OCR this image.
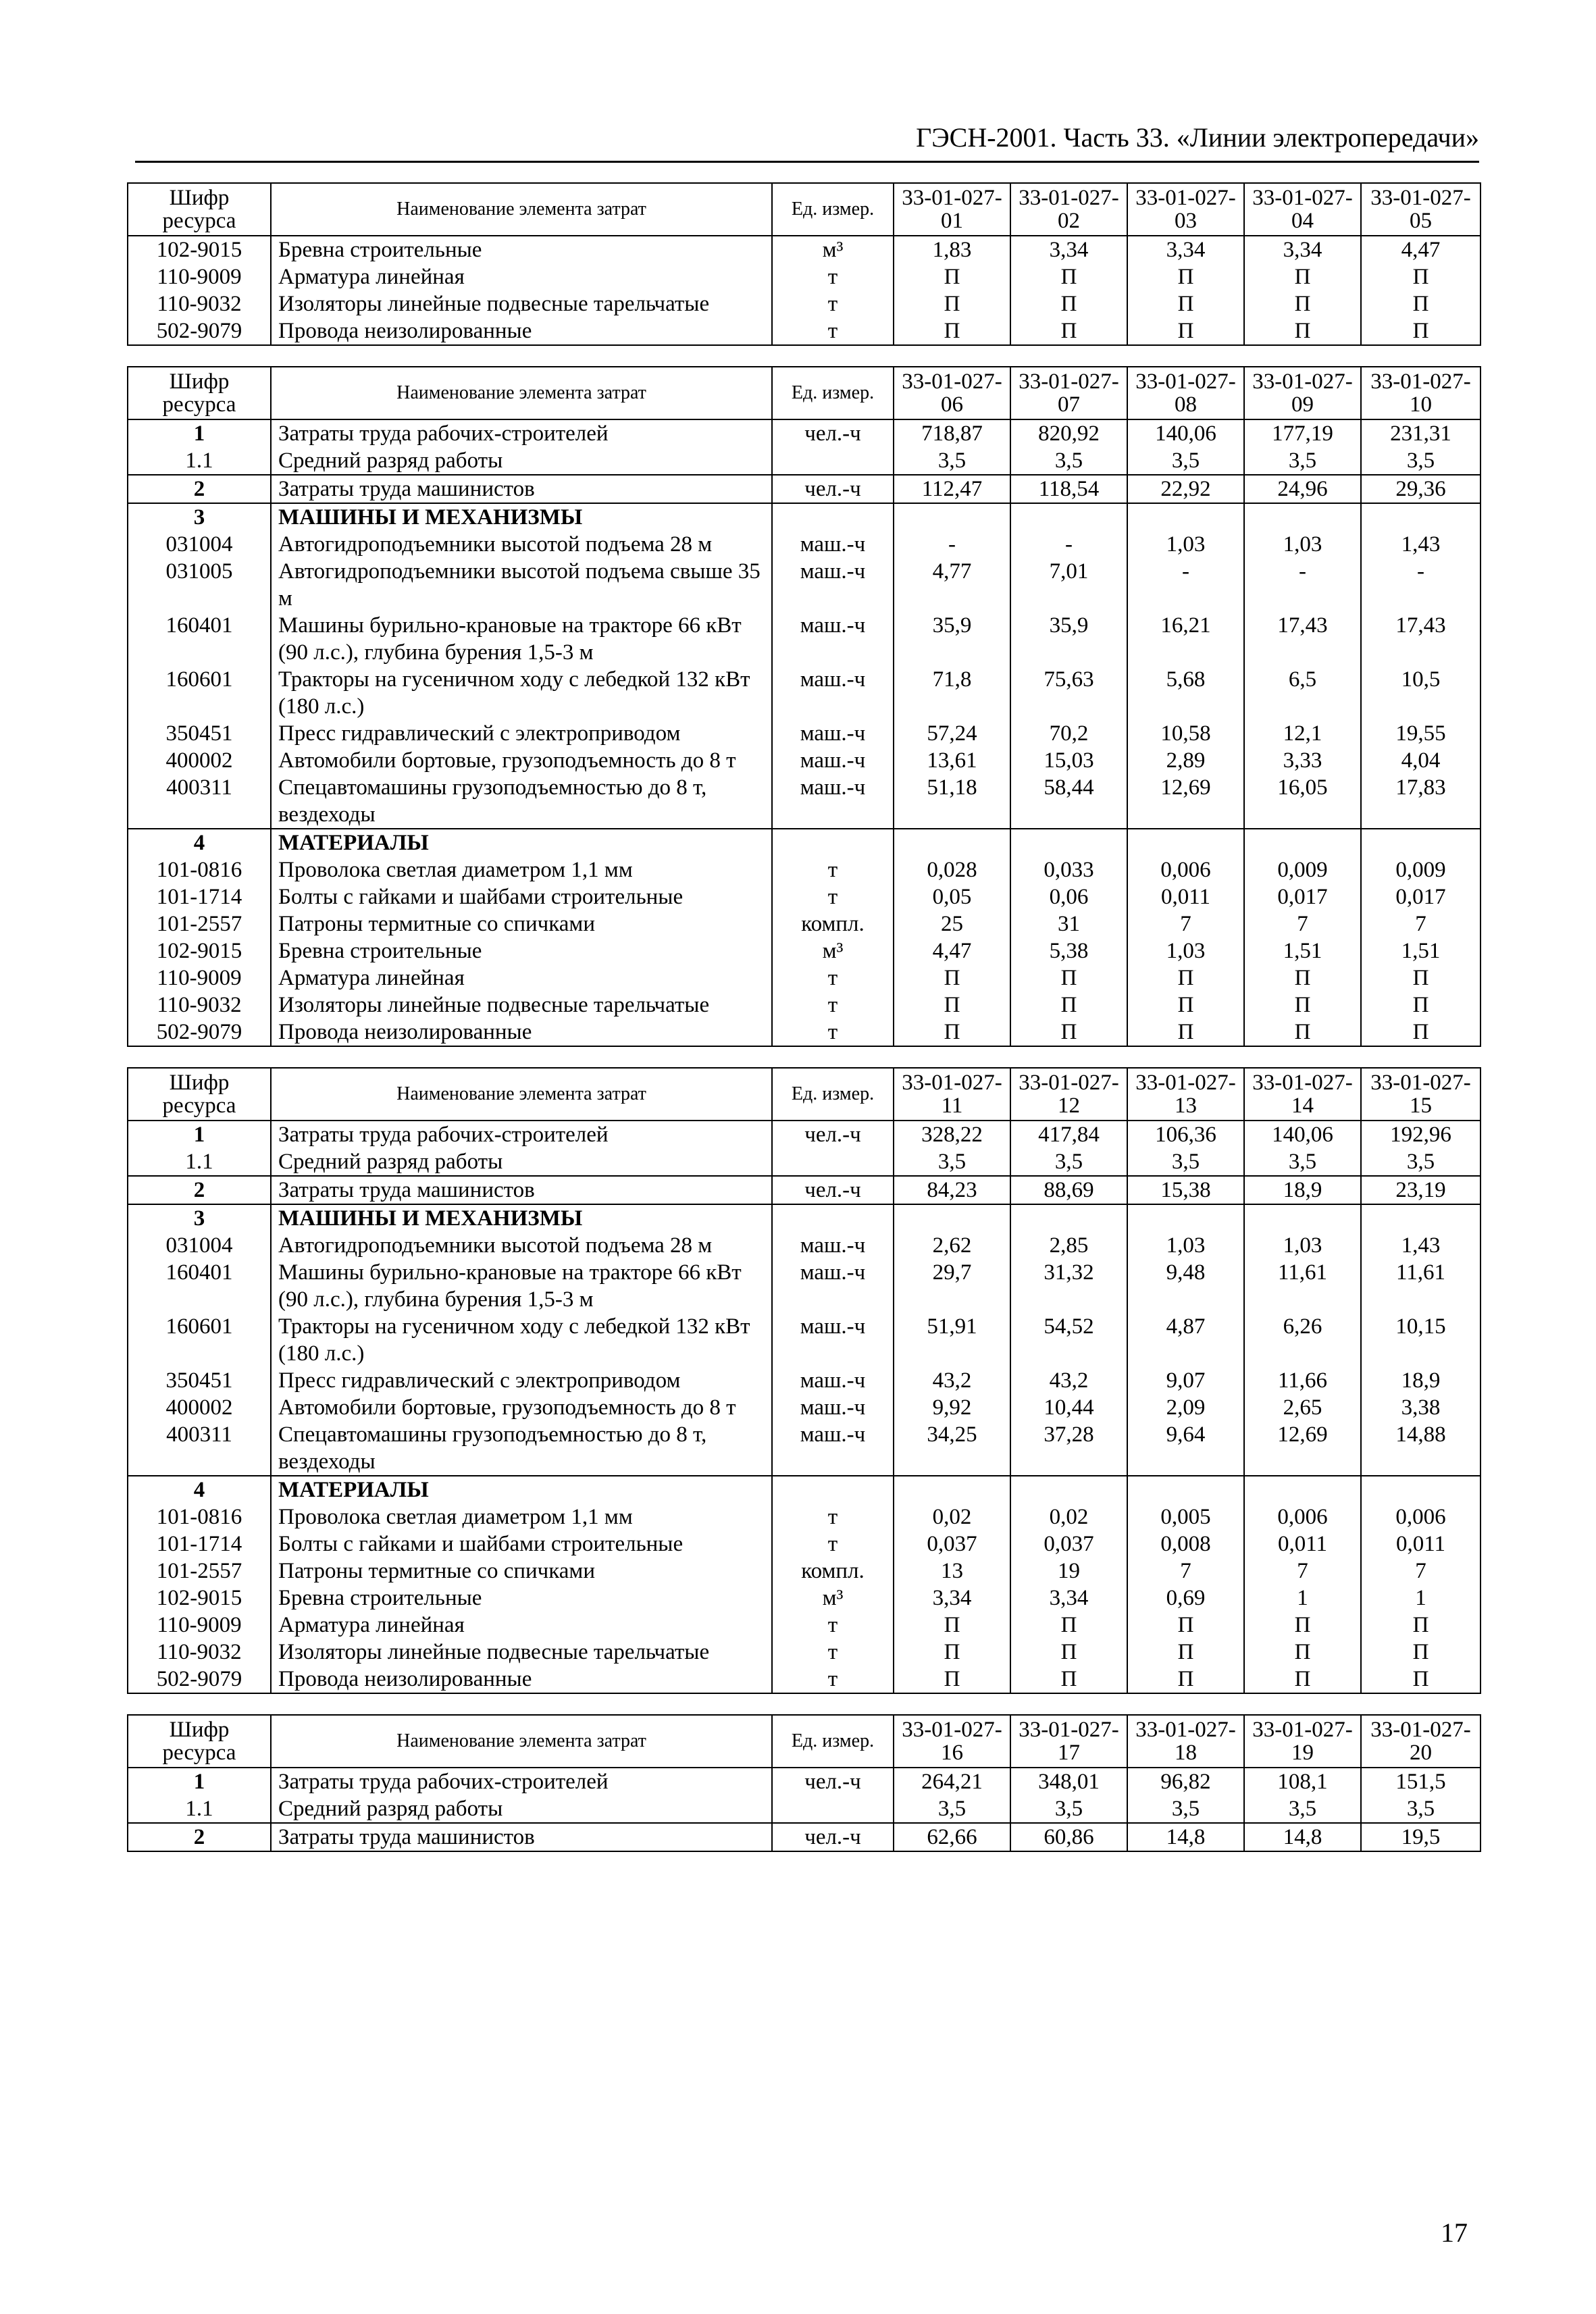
ГЭСН-2001. Часть 33. «Линии электропередачи»
Шифр ресурса	Наименование элемента затрат	Ед. измер.	33-01-027-01	33-01-027-02	33-01-027-03	33-01-027-04	33-01-027-05
102-9015	Бревна строительные	м³	1,83	3,34	3,34	3,34	4,47
110-9009	Арматура линейная	т	П	П	П	П	П
110-9032	Изоляторы линейные подвесные тарельчатые	т	П	П	П	П	П
502-9079	Провода неизолированные	т	П	П	П	П	П
Шифр ресурса	Наименование элемента затрат	Ед. измер.	33-01-027-06	33-01-027-07	33-01-027-08	33-01-027-09	33-01-027-10
1	Затраты труда рабочих-строителей	чел.-ч	718,87	820,92	140,06	177,19	231,31
1.1	Средний разряд работы		3,5	3,5	3,5	3,5	3,5
2	Затраты труда машинистов	чел.-ч	112,47	118,54	22,92	24,96	29,36
3	МАШИНЫ И МЕХАНИЗМЫ						
031004	Автогидроподъемники высотой подъема 28 м	маш.-ч	-	-	1,03	1,03	1,43
031005	Автогидроподъемники высотой подъема свыше 35 м	маш.-ч	4,77	7,01	-	-	-
160401	Машины бурильно-крановые на тракторе 66 кВт (90 л.с.), глубина бурения 1,5-3 м	маш.-ч	35,9	35,9	16,21	17,43	17,43
160601	Тракторы на гусеничном ходу с лебедкой 132 кВт (180 л.с.)	маш.-ч	71,8	75,63	5,68	6,5	10,5
350451	Пресс гидравлический с электроприводом	маш.-ч	57,24	70,2	10,58	12,1	19,55
400002	Автомобили бортовые, грузоподъемность до 8 т	маш.-ч	13,61	15,03	2,89	3,33	4,04
400311	Спецавтомашины грузоподъемностью до 8 т, вездеходы	маш.-ч	51,18	58,44	12,69	16,05	17,83
4	МАТЕРИАЛЫ						
101-0816	Проволока светлая диаметром 1,1 мм	т	0,028	0,033	0,006	0,009	0,009
101-1714	Болты с гайками и шайбами строительные	т	0,05	0,06	0,011	0,017	0,017
101-2557	Патроны термитные со спичками	компл.	25	31	7	7	7
102-9015	Бревна строительные	м³	4,47	5,38	1,03	1,51	1,51
110-9009	Арматура линейная	т	П	П	П	П	П
110-9032	Изоляторы линейные подвесные тарельчатые	т	П	П	П	П	П
502-9079	Провода неизолированные	т	П	П	П	П	П
Шифр ресурса	Наименование элемента затрат	Ед. измер.	33-01-027-11	33-01-027-12	33-01-027-13	33-01-027-14	33-01-027-15
1	Затраты труда рабочих-строителей	чел.-ч	328,22	417,84	106,36	140,06	192,96
1.1	Средний разряд работы		3,5	3,5	3,5	3,5	3,5
2	Затраты труда машинистов	чел.-ч	84,23	88,69	15,38	18,9	23,19
3	МАШИНЫ И МЕХАНИЗМЫ						
031004	Автогидроподъемники высотой подъема 28 м	маш.-ч	2,62	2,85	1,03	1,03	1,43
160401	Машины бурильно-крановые на тракторе 66 кВт (90 л.с.), глубина бурения 1,5-3 м	маш.-ч	29,7	31,32	9,48	11,61	11,61
160601	Тракторы на гусеничном ходу с лебедкой 132 кВт (180 л.с.)	маш.-ч	51,91	54,52	4,87	6,26	10,15
350451	Пресс гидравлический с электроприводом	маш.-ч	43,2	43,2	9,07	11,66	18,9
400002	Автомобили бортовые, грузоподъемность до 8 т	маш.-ч	9,92	10,44	2,09	2,65	3,38
400311	Спецавтомашины грузоподъемностью до 8 т, вездеходы	маш.-ч	34,25	37,28	9,64	12,69	14,88
4	МАТЕРИАЛЫ						
101-0816	Проволока светлая диаметром 1,1 мм	т	0,02	0,02	0,005	0,006	0,006
101-1714	Болты с гайками и шайбами строительные	т	0,037	0,037	0,008	0,011	0,011
101-2557	Патроны термитные со спичками	компл.	13	19	7	7	7
102-9015	Бревна строительные	м³	3,34	3,34	0,69	1	1
110-9009	Арматура линейная	т	П	П	П	П	П
110-9032	Изоляторы линейные подвесные тарельчатые	т	П	П	П	П	П
502-9079	Провода неизолированные	т	П	П	П	П	П
Шифр ресурса	Наименование элемента затрат	Ед. измер.	33-01-027-16	33-01-027-17	33-01-027-18	33-01-027-19	33-01-027-20
1	Затраты труда рабочих-строителей	чел.-ч	264,21	348,01	96,82	108,1	151,5
1.1	Средний разряд работы		3,5	3,5	3,5	3,5	3,5
2	Затраты труда машинистов	чел.-ч	62,66	60,86	14,8	14,8	19,5
17
